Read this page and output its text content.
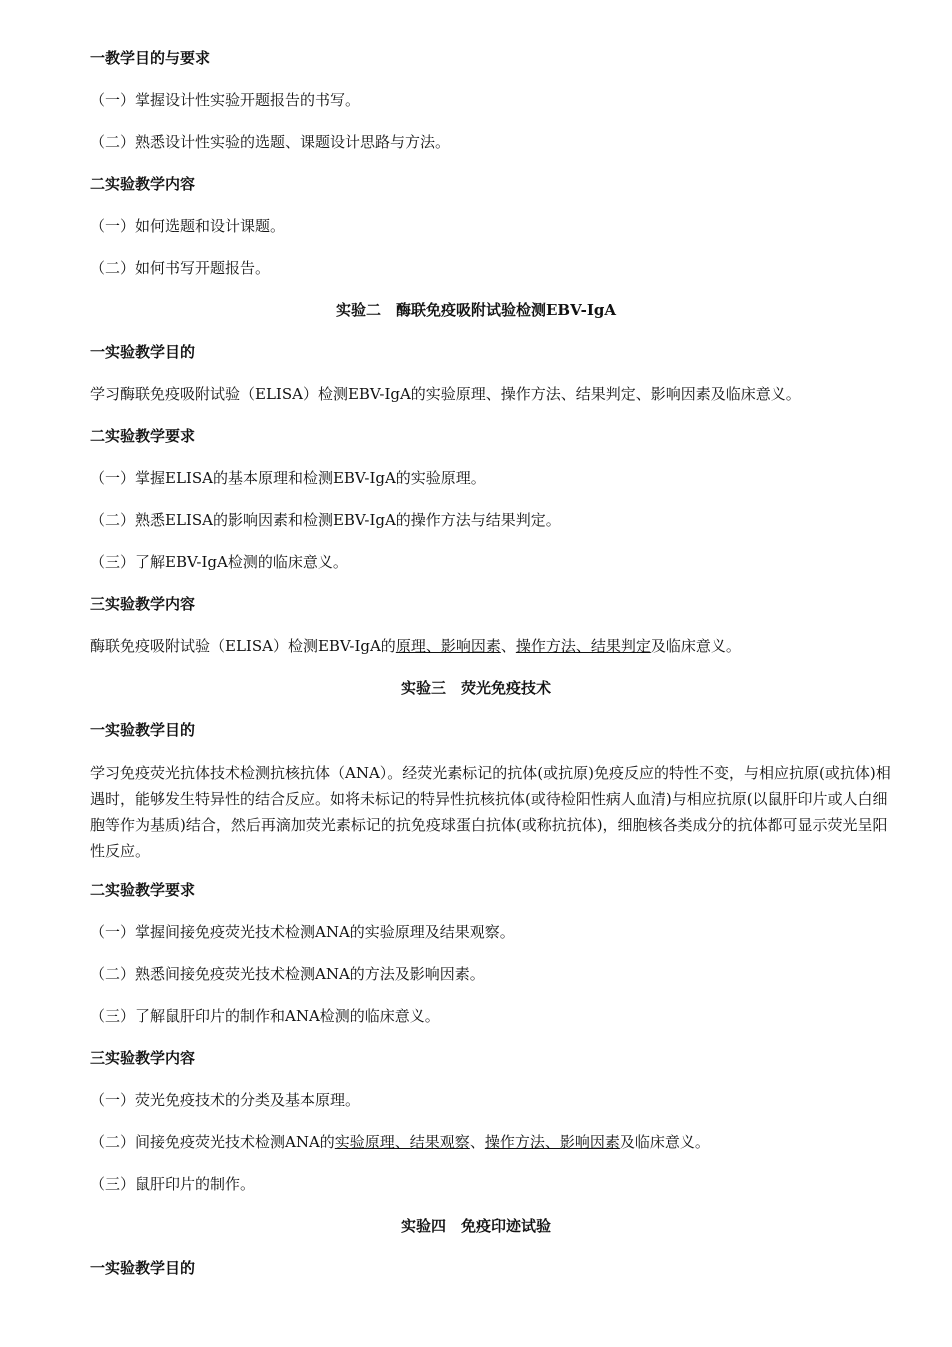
一教学目的与要求
（一）掌握设计性实验开题报告的书写。
（二）熟悉设计性实验的选题、课题设计思路与方法。
二实验教学内容
（一）如何选题和设计课题。
（二）如何书写开题报告。
实验二　酶联免疫吸附试验检测EBV-IgA
一实验教学目的
学习酶联免疫吸附试验（ELISA）检测EBV-IgA的实验原理、操作方法、结果判定、影响因素及临床意义。
二实验教学要求
（一）掌握ELISA的基本原理和检测EBV-IgA的实验原理。
（二）熟悉ELISA的影响因素和检测EBV-IgA的操作方法与结果判定。
（三）了解EBV-IgA检测的临床意义。
三实验教学内容
酶联免疫吸附试验（ELISA）检测EBV-IgA的原理、影响因素、操作方法、结果判定及临床意义。
实验三　荧光免疫技术
一实验教学目的
学习免疫荧光抗体技术检测抗核抗体（ANA）。经荧光素标记的抗体(或抗原)免疫反应的特性不变，与相应抗原(或抗体)相遇时，能够发生特异性的结合反应。如将未标记的特异性抗核抗体(或待检阳性病人血清)与相应抗原(以鼠肝印片或人白细胞等作为基质)结合，然后再滴加荧光素标记的抗免疫球蛋白抗体(或称抗抗体)，细胞核各类成分的抗体都可显示荧光呈阳性反应。
二实验教学要求
（一）掌握间接免疫荧光技术检测ANA的实验原理及结果观察。
（二）熟悉间接免疫荧光技术检测ANA的方法及影响因素。
（三）了解鼠肝印片的制作和ANA检测的临床意义。
三实验教学内容
（一）荧光免疫技术的分类及基本原理。
（二）间接免疫荧光技术检测ANA的实验原理、结果观察、操作方法、影响因素及临床意义。
（三）鼠肝印片的制作。
实验四　免疫印迹试验
一实验教学目的
